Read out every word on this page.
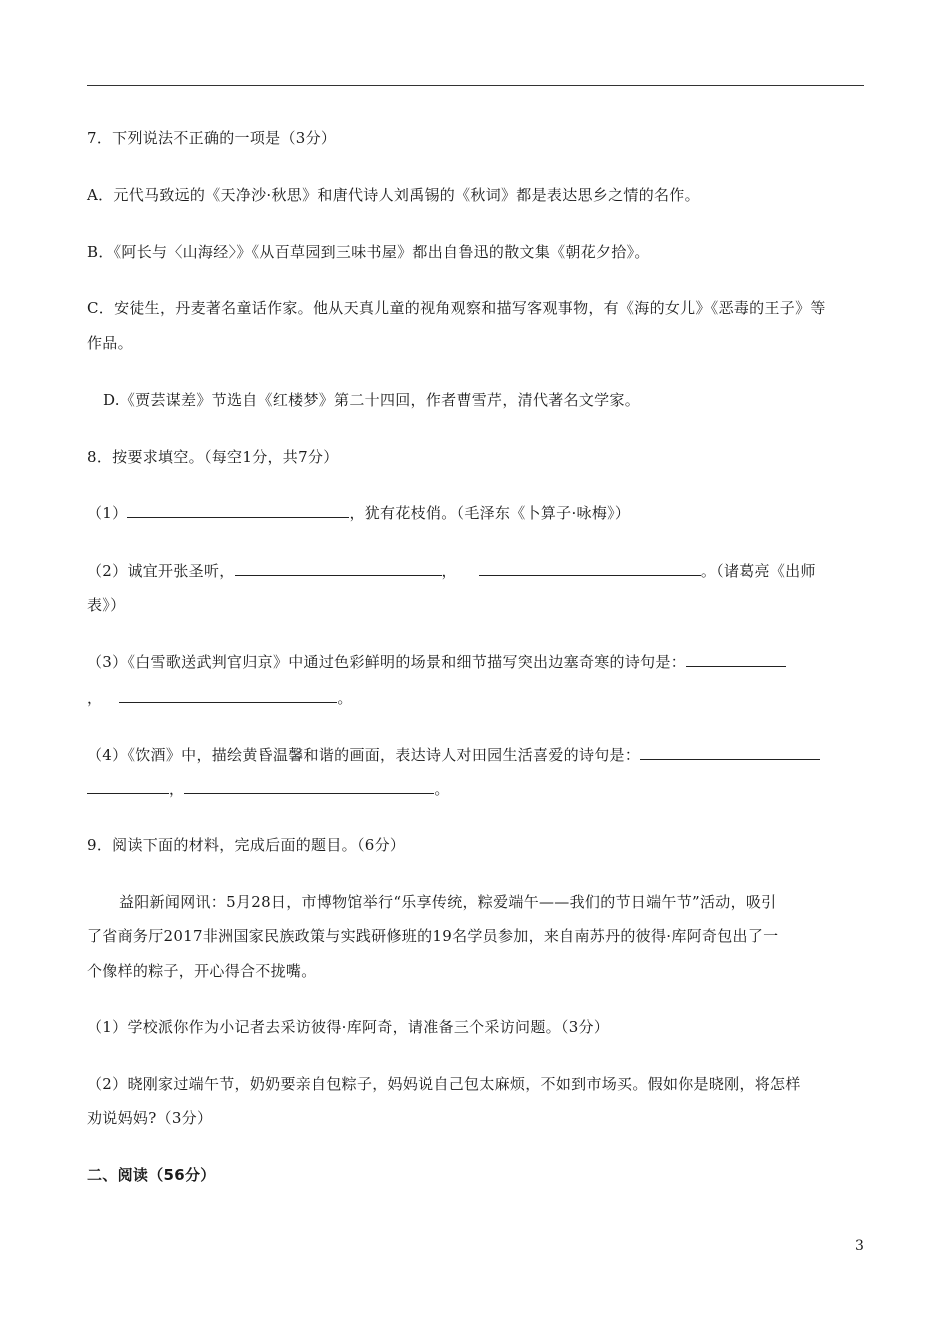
7．下列说法不正确的一项是（3分）
A．元代马致远的《天净沙·秋思》和唐代诗人刘禹锡的《秋词》都是表达思乡之情的名作。
B．《阿长与〈山海经〉》《从百草园到三味书屋》都出自鲁迅的散文集《朝花夕拾》。
C．安徒生，丹麦著名童话作家。他从天真儿童的视角观察和描写客观事物，有《海的女儿》《恶毒的王子》等
作品。
D.《贾芸谋差》节选自《红楼梦》第二十四回，作者曹雪芹，清代著名文学家。
8．按要求填空。（每空1分，共7分）
（1）	，犹有花枝俏。（毛泽东《卜算子·咏梅》）
（2）诚宜开张圣听，	，	。（诸葛亮《出师
表》）
（3）《白雪歌送武判官归京》中通过色彩鲜明的场景和细节描写突出边塞奇寒的诗句是：
，	。
（4）《饮酒》中，描绘黄昏温馨和谐的画面，表达诗人对田园生活喜爱的诗句是：
，	。
9．阅读下面的材料，完成后面的题目。（6分）
益阳新闻网讯：5月28日，市博物馆举行“乐享传统，粽爱端午——我们的节日端午节”活动，吸引
了省商务厅2017非洲国家民族政策与实践研修班的19名学员参加，来自南苏丹的彼得·库阿奇包出了一
个像样的粽子，开心得合不拢嘴。
（1）学校派你作为小记者去采访彼得·库阿奇，请准备三个采访问题。（3分）
（2）晓刚家过端午节，奶奶要亲自包粽子，妈妈说自己包太麻烦，不如到市场买。假如你是晓刚，将怎样
劝说妈妈?（3分）
二、阅读（56分）
3
